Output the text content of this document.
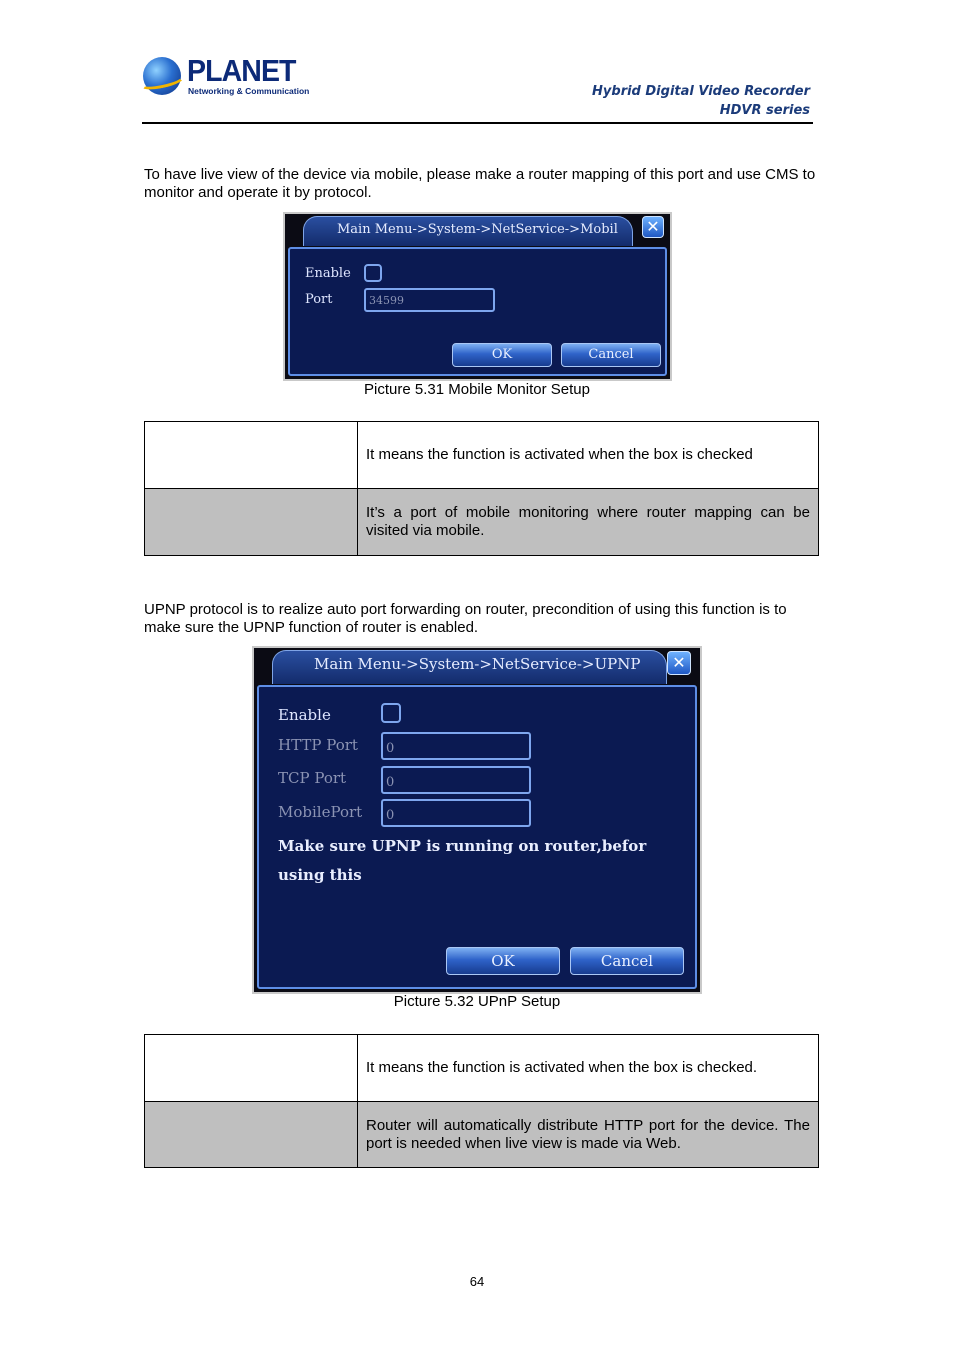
PLANET
Networking & Communication	Hybrid Digital Video Recorder
HDVR series

To have live view of the device via mobile, please make a router mapping of this port and use CMS to monitor and operate it by protocol.

Main Menu->System->NetService->Mobil ✕
Enable
Port	34599
OK	Cancel
Picture 5.31 Mobile Monitor Setup
	It means the function is activated when the box is checked
	It’s a port of mobile monitoring where router mapping can be visited via mobile.

UPNP protocol is to realize auto port forwarding on router, precondition of using this function is to make sure the UPNP function of router is enabled.

Main Menu->System->NetService->UPNP	✕
Enable
HTTP Port	0
TCP Port	0
MobilePort	0
Make sure UPNP is running on router,befor
using this
OK	Cancel
Picture 5.32 UPnP Setup
	It means the function is activated when the box is checked.
	Router will automatically distribute HTTP port for the device. The port is needed when live view is made via Web.
64
